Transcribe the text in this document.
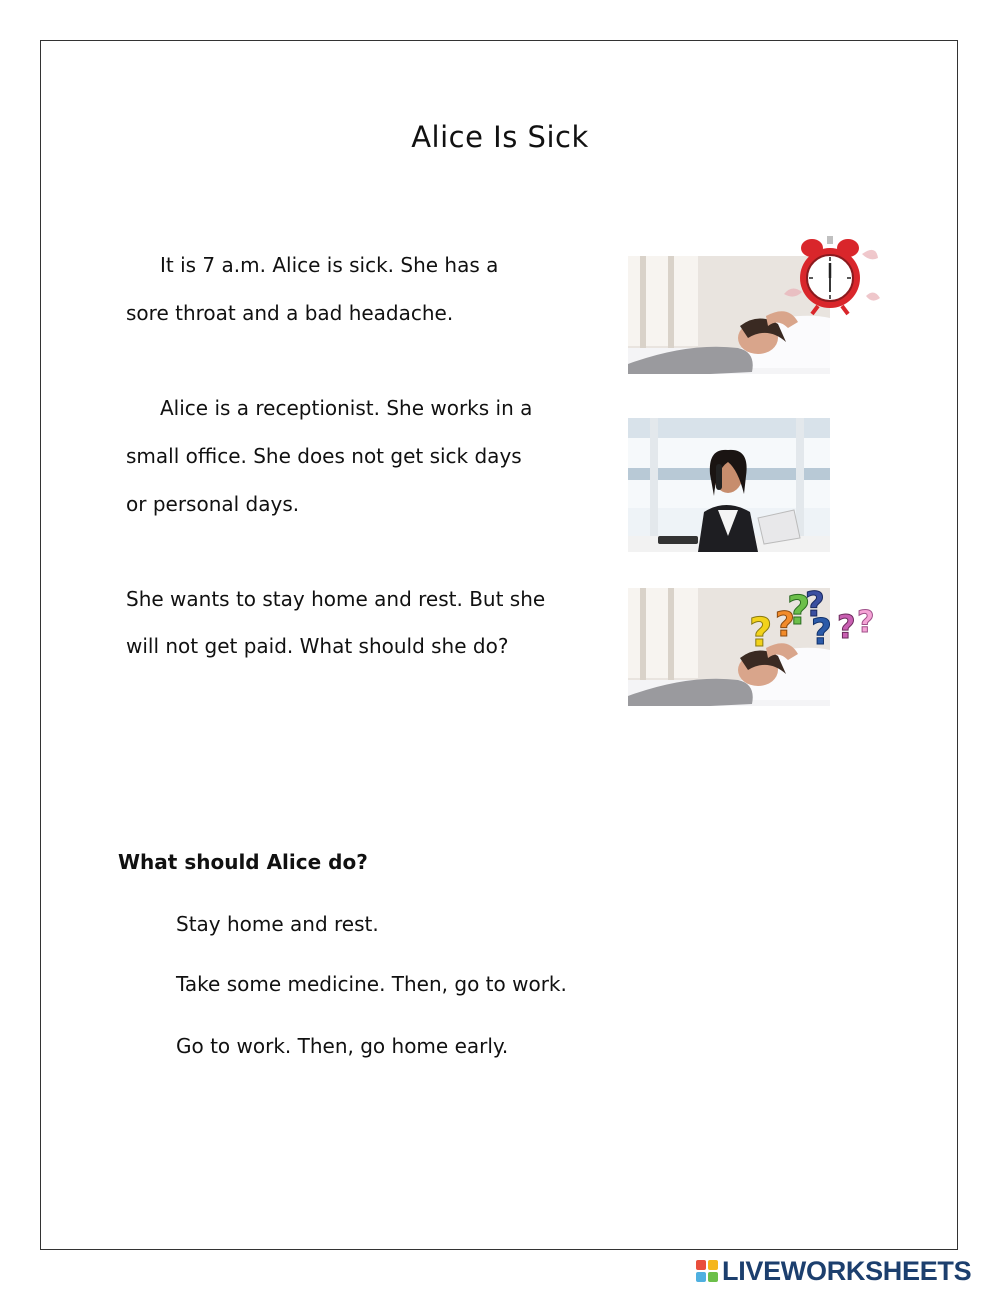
Alice Is Sick
It is 7 a.m. Alice is sick. She has a
sore throat and a bad headache.
Alice is a receptionist. She works in a
small office. She does not get sick days
or personal days.
She wants to stay home and rest. But she
will not get paid. What should she do?	? ?
?
?
? ? ?
What should Alice do?
Stay home and rest.
Take some medicine. Then, go to work.
Go to work. Then, go home early.
LIVEWORKSHEETS
